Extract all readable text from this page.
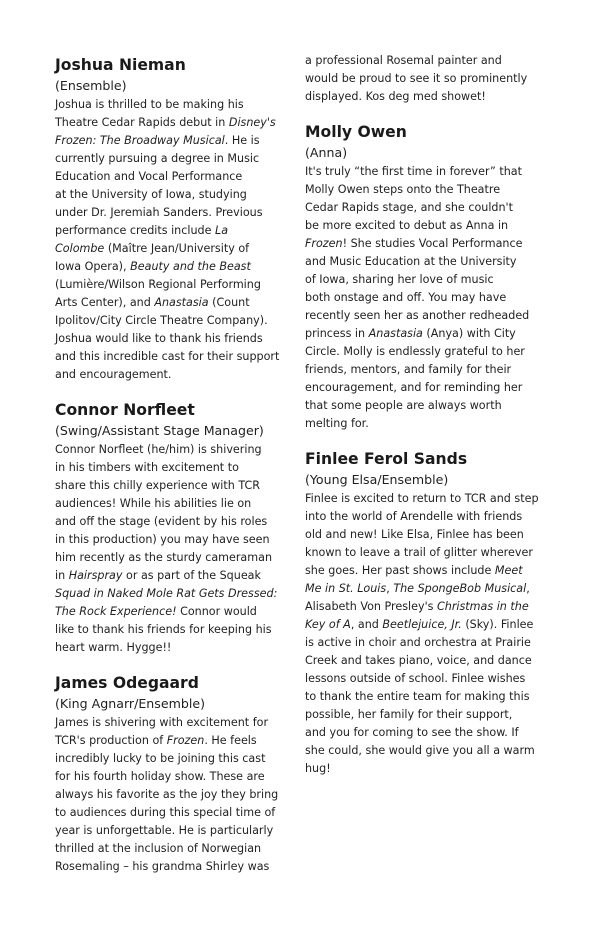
Joshua Nieman
(Ensemble)
Joshua is thrilled to be making his
Theatre Cedar Rapids debut in Disney's
Frozen: The Broadway Musical. He is
currently pursuing a degree in Music
Education and Vocal Performance
at the University of Iowa, studying
under Dr. Jeremiah Sanders. Previous
performance credits include La
Colombe (Maître Jean/University of
Iowa Opera), Beauty and the Beast
(Lumière/Wilson Regional Performing
Arts Center), and Anastasia (Count
Ipolitov/City Circle Theatre Company).
Joshua would like to thank his friends
and this incredible cast for their support
and encouragement.
Connor Norfleet
(Swing/Assistant Stage Manager)
Connor Norfleet (he/him) is shivering
in his timbers with excitement to
share this chilly experience with TCR
audiences! While his abilities lie on
and off the stage (evident by his roles
in this production) you may have seen
him recently as the sturdy cameraman
in Hairspray or as part of the Squeak
Squad in Naked Mole Rat Gets Dressed:
The Rock Experience! Connor would
like to thank his friends for keeping his
heart warm. Hygge!!
James Odegaard
(King Agnarr/Ensemble)
James is shivering with excitement for
TCR's production of Frozen. He feels
incredibly lucky to be joining this cast
for his fourth holiday show. These are
always his favorite as the joy they bring
to audiences during this special time of
year is unforgettable. He is particularly
thrilled at the inclusion of Norwegian
Rosemaling – his grandma Shirley was
a professional Rosemal painter and
would be proud to see it so prominently
displayed. Kos deg med showet!
Molly Owen
(Anna)
It's truly “the first time in forever” that
Molly Owen steps onto the Theatre
Cedar Rapids stage, and she couldn't
be more excited to debut as Anna in
Frozen! She studies Vocal Performance
and Music Education at the University
of Iowa, sharing her love of music
both onstage and off. You may have
recently seen her as another redheaded
princess in Anastasia (Anya) with City
Circle. Molly is endlessly grateful to her
friends, mentors, and family for their
encouragement, and for reminding her
that some people are always worth
melting for.
Finlee Ferol Sands
(Young Elsa/Ensemble)
Finlee is excited to return to TCR and step
into the world of Arendelle with friends
old and new! Like Elsa, Finlee has been
known to leave a trail of glitter wherever
she goes. Her past shows include Meet
Me in St. Louis, The SpongeBob Musical,
Alisabeth Von Presley's Christmas in the
Key of A, and Beetlejuice, Jr. (Sky). Finlee
is active in choir and orchestra at Prairie
Creek and takes piano, voice, and dance
lessons outside of school. Finlee wishes
to thank the entire team for making this
possible, her family for their support,
and you for coming to see the show. If
she could, she would give you all a warm
hug!
